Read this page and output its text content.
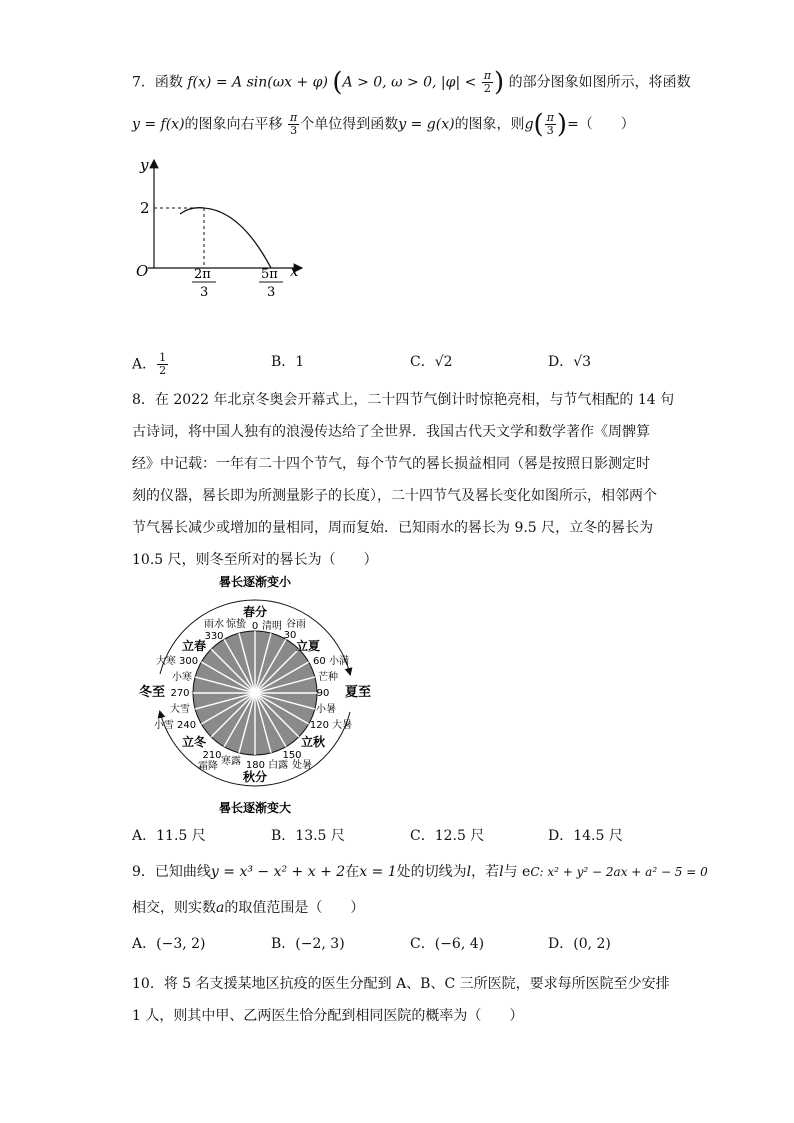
7．函数 f(x) = A sin(ωx + φ) (A > 0, ω > 0, $|\varphi| < \frac{\pi}{2}$ ) 的部分图象如图所示，将函数
y = f(x)的图象向右平移 $\frac{\pi}{3}$ 个单位得到函数y = g(x)的图象，则$g( \frac{\pi}{3}$ )=（　　）
y
x
O
2
2π
3
5π
3
A． $\frac{1}{2}$	B．1	C．√2	D．√3
8．在 2022 年北京冬奥会开幕式上，二十四节气倒计时惊艳亮相，与节气相配的 14 句
古诗词，将中国人独有的浪漫传达给了全世界．我国古代天文学和数学著作《周髀算
经》中记载：一年有二十四个节气，每个节气的晷长损益相同（晷是按照日影测定时
刻的仪器，晷长即为所测量影子的长度），二十四节气及晷长变化如图所示，相邻两个
节气晷长减少或增加的量相同，周而复始．已知雨水的晷长为 9.5 尺，立冬的晷长为
10.5 尺，则冬至所对的晷长为（　　）
晷长逐渐变小
晷长逐渐变大
冬至	夏至
春分
0 清明
惊蛰
雨水
330
谷雨
30
立夏
立春
大寒 300	60 小满
小寒	芒种
270	90
大雪	小暑
小雪 240	120 大暑
立冬	立秋
210	150
霜降 寒露 180 白露 处暑
秋分
A．11.5 尺	B．13.5 尺	C．12.5 尺	D．14.5 尺
9．已知曲线y = x³ − x² + x + 2在x = 1处的切线为l，若l与 eC: x² + y² − 2ax + a² − 5 = 0
相交，则实数a的取值范围是（　　）
A．(−3, 2)	B．(−2, 3)	C．(−6, 4)	D．(0, 2)
10．将 5 名支援某地区抗疫的医生分配到 A、B、C 三所医院，要求每所医院至少安排
1 人，则其中甲、乙两医生恰分配到相同医院的概率为（　　）
